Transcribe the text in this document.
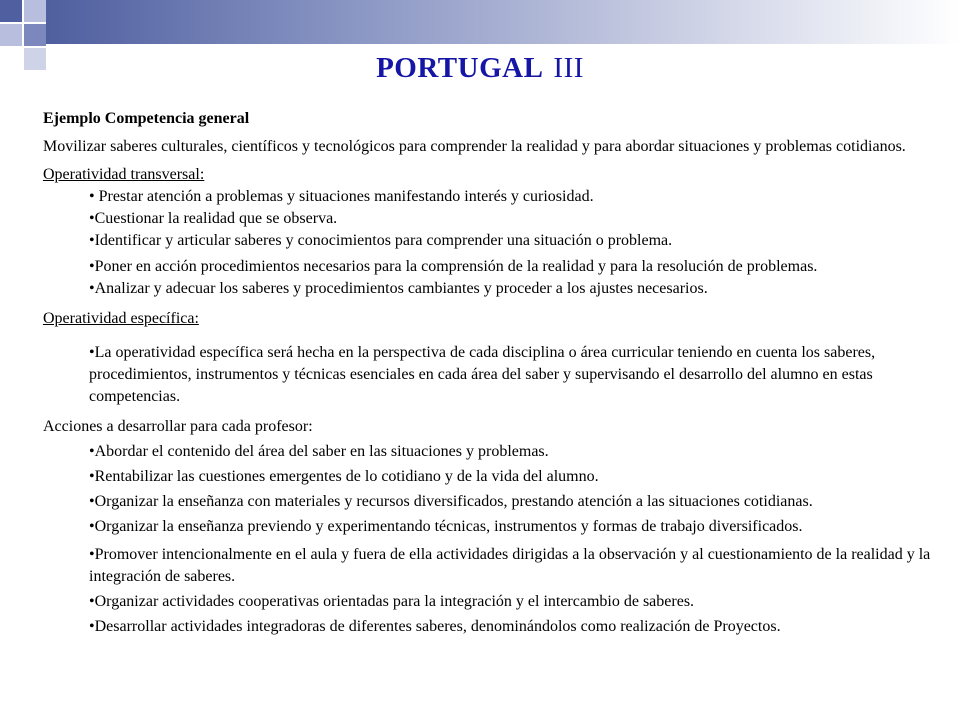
PORTUGAL III
Ejemplo Competencia general
Movilizar saberes culturales, científicos y tecnológicos para comprender la realidad y para abordar situaciones y problemas cotidianos.
Operatividad transversal:
• Prestar atención a problemas y situaciones manifestando interés y curiosidad.
•Cuestionar la realidad que se observa.
•Identificar y articular saberes y conocimientos para comprender una situación o problema.
•Poner en acción procedimientos necesarios para la comprensión de la realidad y para la resolución de problemas.
•Analizar y adecuar los saberes y procedimientos cambiantes y proceder a los ajustes necesarios.
Operatividad específica:
•La operatividad específica será hecha en la perspectiva de cada disciplina o área curricular teniendo en cuenta los saberes, procedimientos, instrumentos y técnicas esenciales en cada área del saber y supervisando el desarrollo del alumno en estas competencias.
Acciones a desarrollar para cada profesor:
•Abordar el contenido del área del saber en las situaciones y problemas.
•Rentabilizar las cuestiones emergentes de lo cotidiano y de la vida del alumno.
•Organizar la enseñanza con materiales y recursos diversificados, prestando atención a las situaciones cotidianas.
•Organizar la enseñanza previendo y experimentando técnicas, instrumentos y formas de trabajo diversificados.
•Promover intencionalmente en el aula y fuera de ella actividades dirigidas a la observación y al cuestionamiento de la realidad y la integración de saberes.
•Organizar actividades cooperativas orientadas para la integración y el intercambio de saberes.
•Desarrollar actividades integradoras de diferentes saberes, denominándolos como realización de Proyectos.
